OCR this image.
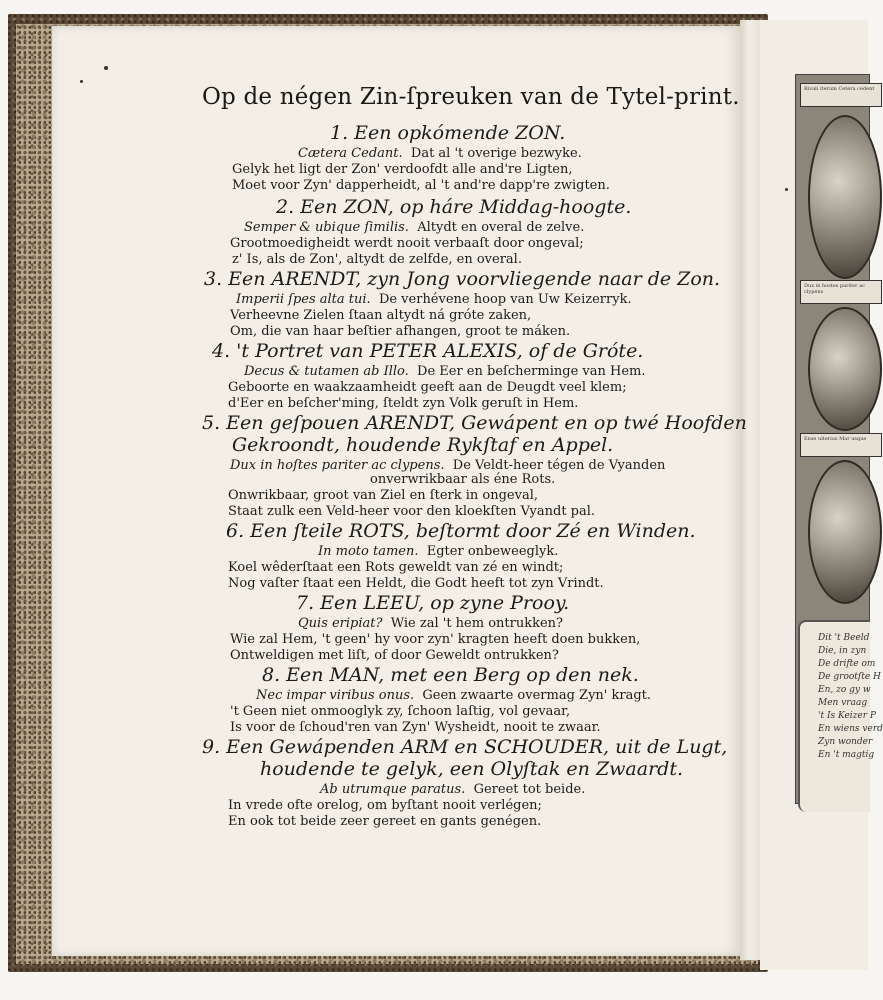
Rivali iterum Cetera cedent
Dux in hostes pariter ac clypens
Ense ulterius Mar usque
Dit 't Beeld
Die, in zyn
De drifte om
De grootſte H
En, zo gy w
Men vraag
't Is Keizer P
En wiens verd
Zyn wonder
En 't magtig
Op de négen Zin-ſpreuken van de Tytel-print.
1. Een opkómende ZON.
Cætera Cedant. Dat al 't overige bezwyke.
Gelyk het ligt der Zon' verdoofdt alle and're Ligten,
Moet voor Zyn' dapperheidt, al 't and're dapp're zwigten.
2. Een ZON, op háre Middag-hoogte.
Semper & ubique ſimilis. Altydt en overal de zelve.
Grootmoedigheidt werdt nooit verbaaſt door ongeval;
z' Is, als de Zon', altydt de zelfde, en overal.
3. Een ARENDT, zyn Jong voorvliegende naar de Zon.
Imperii ſpes alta tui. De verhévene hoop van Uw Keizerryk.
Verheevne Zielen ſtaan altydt ná gróte zaken,
Om, die van haar beſtier afhangen, groot te máken.
4. 't Portret van PETER ALEXIS, of de Gróte.
Decus & tutamen ab Illo. De Eer en beſcherminge van Hem.
Geboorte en waakzaamheidt geeft aan de Deugdt veel klem;
d'Eer en beſcher'ming, ſteldt zyn Volk geruſt in Hem.
5. Een geſpouen ARENDT, Gewápent en op twé Hoofden
Gekroondt, houdende Rykſtaf en Appel.
Dux in hoſtes pariter ac clypens. De Veldt-heer tégen de Vyanden
onverwrikbaar als éne Rots.
Onwrikbaar, groot van Ziel en ſterk in ongeval,
Staat zulk een Veld-heer voor den kloekſten Vyandt pal.
6. Een ſteile ROTS, beſtormt door Zé en Winden.
In moto tamen. Egter onbeweeglyk.
Koel wêderſtaat een Rots geweldt van zé en windt;
Nog vaſter ſtaat een Heldt, die Godt heeft tot zyn Vrindt.
7. Een LEEU, op zyne Prooy.
Quis eripiat? Wie zal 't hem ontrukken?
Wie zal Hem, 't geen' hy voor zyn' kragten heeft doen bukken,
Ontweldigen met liſt, of door Geweldt ontrukken?
8. Een MAN, met een Berg op den nek.
Nec impar viribus onus. Geen zwaarte overmag Zyn' kragt.
't Geen niet onmooglyk zy, ſchoon laſtig, vol gevaar,
Is voor de ſchoud'ren van Zyn' Wysheidt, nooit te zwaar.
9. Een Gewápenden ARM en SCHOUDER, uit de Lugt,
houdende te gelyk, een Olyſtak en Zwaardt.
Ab utrumque paratus. Gereet tot beide.
In vrede ofte orelog, om byſtant nooit verlégen;
En ook tot beide zeer gereet en gants genégen.
